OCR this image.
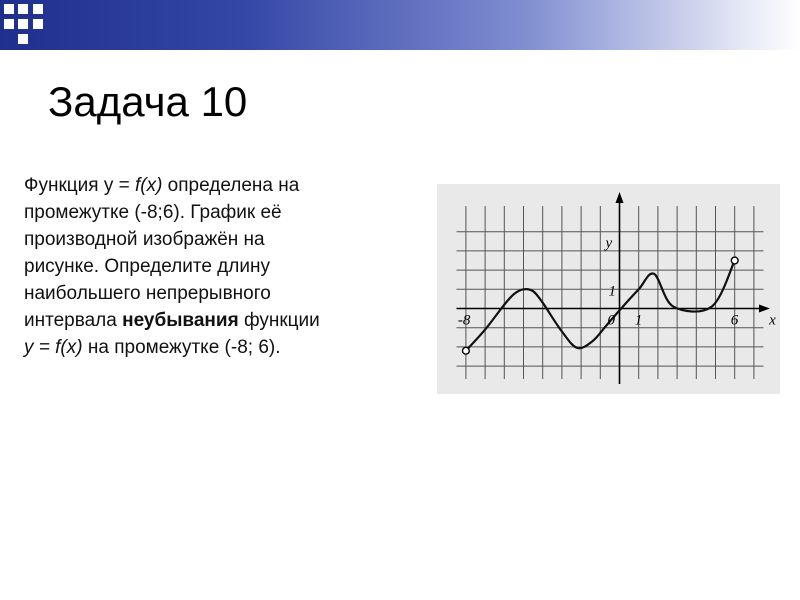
Задача 10
Функция y = f(x) определена на
промежутке (-8;6). График её
производной изображён на
рисунке. Определите длину
наибольшего непрерывного
интервала неубывания функции
y = f(x) на промежутке (-8; 6).
-8	0 1	6 x
y
1
